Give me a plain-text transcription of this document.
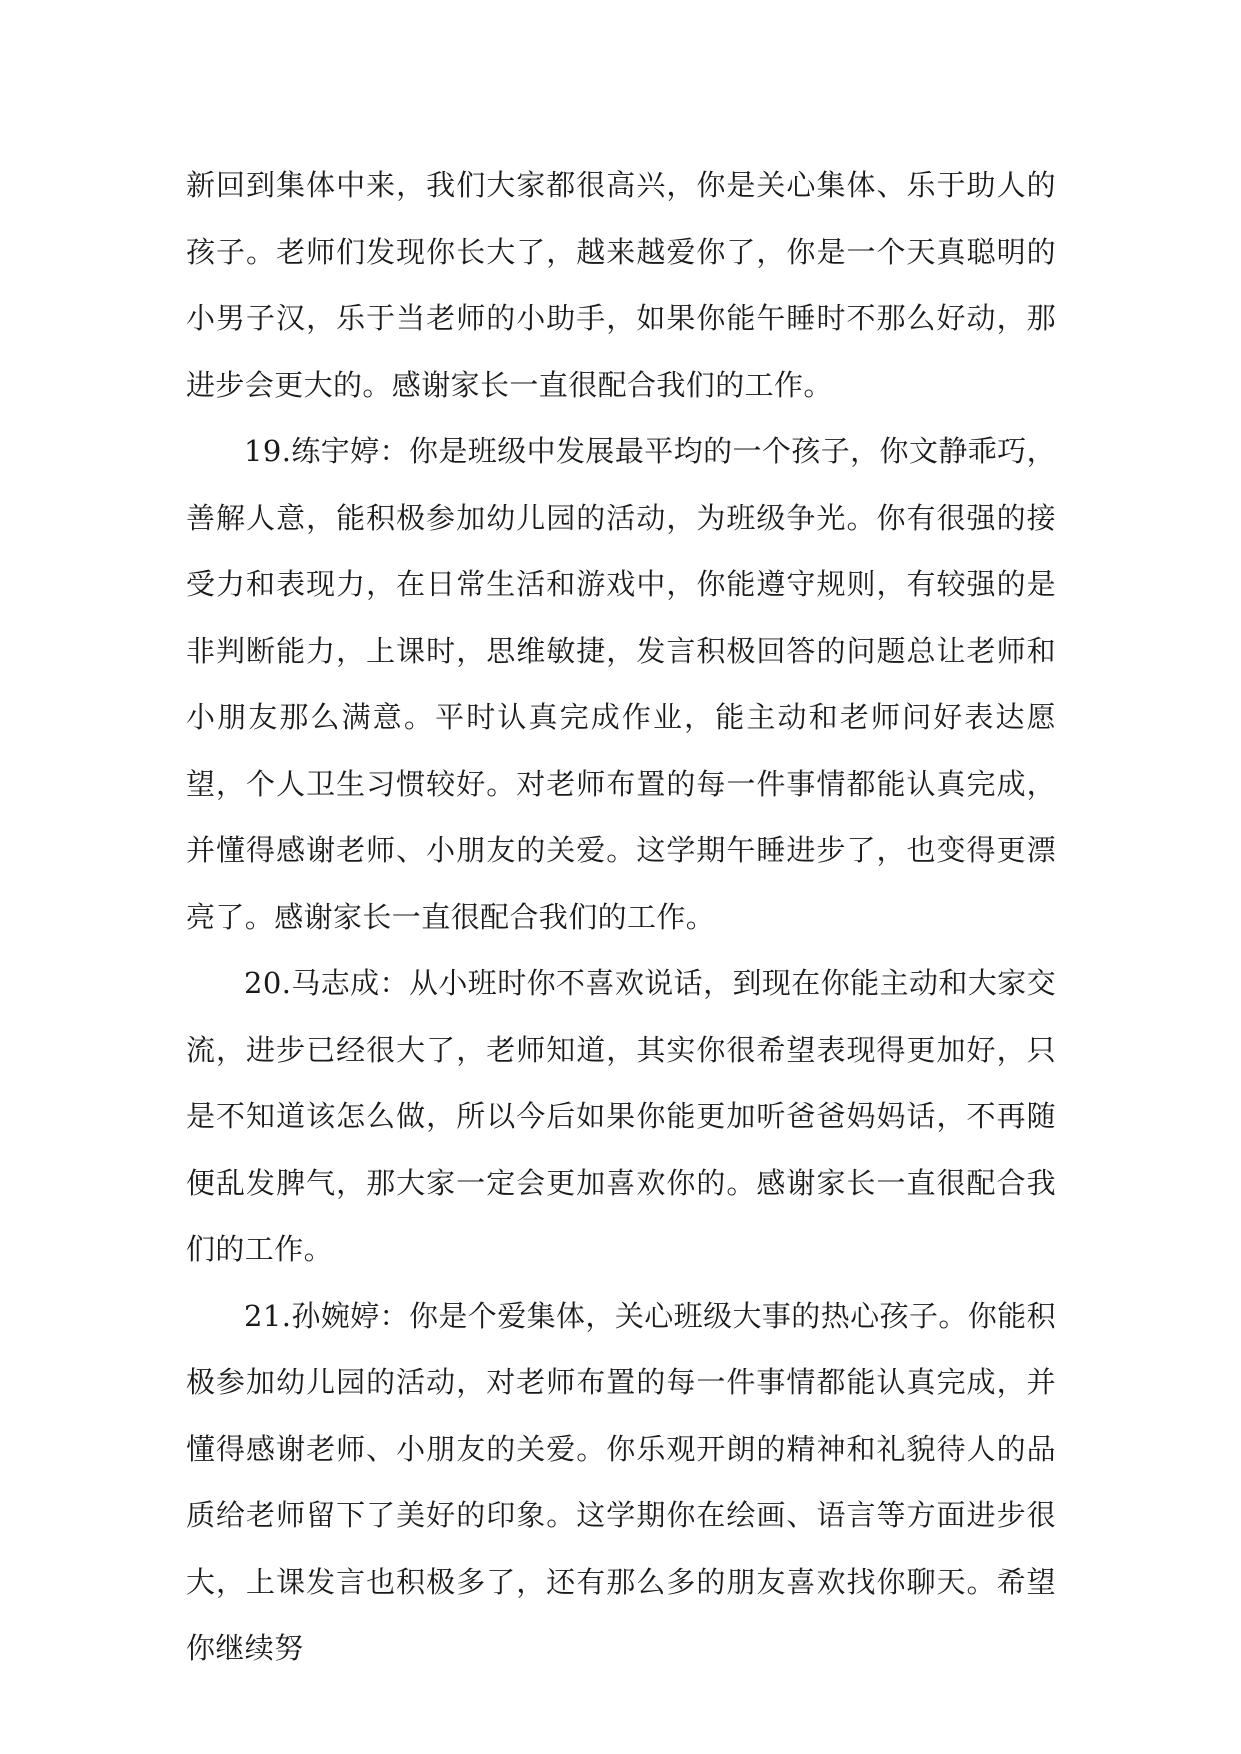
新回到集体中来，我们大家都很高兴，你是关心集体、乐于助人的孩子。老师们发现你长大了，越来越爱你了，你是一个天真聪明的小男子汉，乐于当老师的小助手，如果你能午睡时不那么好动，那进步会更大的。感谢家长一直很配合我们的工作。

19.练宇婷：你是班级中发展最平均的一个孩子，你文静乖巧，善解人意，能积极参加幼儿园的活动，为班级争光。你有很强的接受力和表现力，在日常生活和游戏中，你能遵守规则，有较强的是非判断能力，上课时，思维敏捷，发言积极回答的问题总让老师和小朋友那么满意。平时认真完成作业，能主动和老师问好表达愿望，个人卫生习惯较好。对老师布置的每一件事情都能认真完成，并懂得感谢老师、小朋友的关爱。这学期午睡进步了，也变得更漂亮了。感谢家长一直很配合我们的工作。

20.马志成：从小班时你不喜欢说话，到现在你能主动和大家交流，进步已经很大了，老师知道，其实你很希望表现得更加好，只是不知道该怎么做，所以今后如果你能更加听爸爸妈妈话，不再随便乱发脾气，那大家一定会更加喜欢你的。感谢家长一直很配合我们的工作。

21.孙婉婷：你是个爱集体，关心班级大事的热心孩子。你能积极参加幼儿园的活动，对老师布置的每一件事情都能认真完成，并懂得感谢老师、小朋友的关爱。你乐观开朗的精神和礼貌待人的品质给老师留下了美好的印象。这学期你在绘画、语言等方面进步很大，上课发言也积极多了，还有那么多的朋友喜欢找你聊天。希望你继续努
